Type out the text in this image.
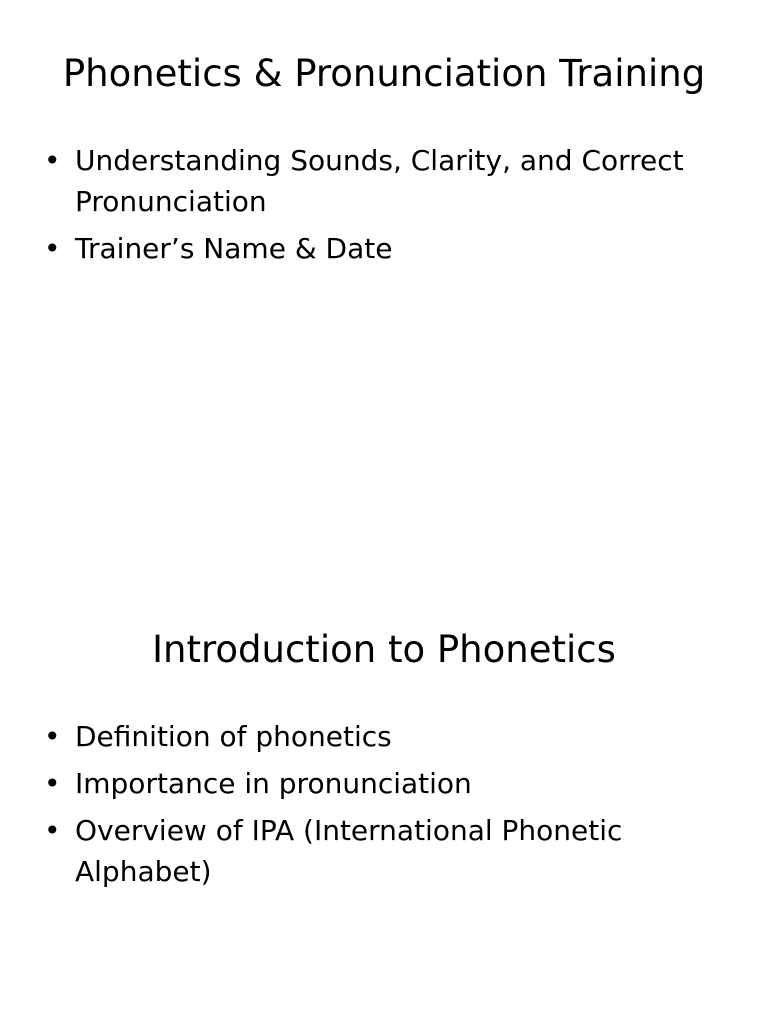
Phonetics & Pronunciation Training
• Understanding Sounds, Clarity, and Correct Pronunciation
• Trainer’s Name & Date
Introduction to Phonetics
• Definition of phonetics
• Importance in pronunciation
• Overview of IPA (International Phonetic Alphabet)
